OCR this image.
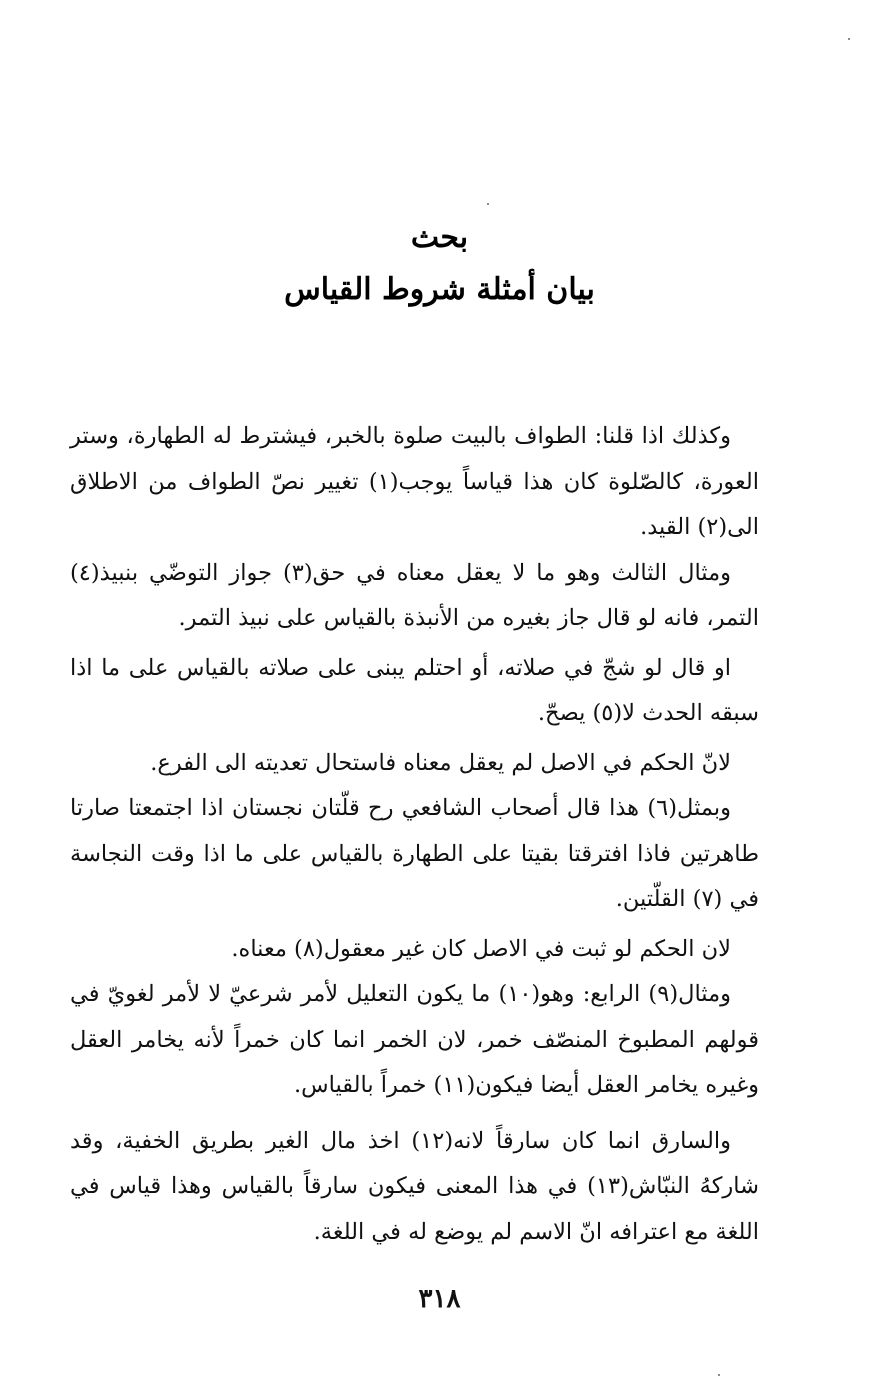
بحث
بيان أمثلة شروط القياس

وكذلك اذا قلنا: الطواف بالبيت صلوة بالخبر، فيشترط له الطهارة، وستر العورة، كالصّلوة كان هذا قياساً يوجب(١) تغيير نصّ الطواف من الاطلاق الى(٢) القيد.

ومثال الثالث وهو ما لا يعقل معناه في حق(٣) جواز التوضّي بنبيذ(٤) التمر، فانه لو قال جاز بغيره من الأنبذة بالقياس على نبيذ التمر.

او قال لو شجّ في صلاته، أو احتلم يبنى على صلاته بالقياس على ما اذا سبقه الحدث لا(٥) يصحّ.

لانّ الحكم في الاصل لم يعقل معناه فاستحال تعديته الى الفرع.

وبمثل(٦) هذا قال أصحاب الشافعي رح قلّتان نجستان اذا اجتمعتا صارتا طاهرتين فاذا افترقتا بقيتا على الطهارة بالقياس على ما اذا وقت النجاسة في (٧) القلّتين.

لان الحكم لو ثبت في الاصل كان غير معقول(٨) معناه.

ومثال(٩) الرابع: وهو(١٠) ما يكون التعليل لأمر شرعيّ لا لأمر لغويّ في قولهم المطبوخ المنصّف خمر، لان الخمر انما كان خمراً لأنه يخامر العقل وغيره يخامر العقل أيضا فيكون(١١) خمراً بالقياس.

والسارق انما كان سارقاً لانه(١٢) اخذ مال الغير بطريق الخفية، وقد شاركهُ النبّاش(١٣) في هذا المعنى فيكون سارقاً بالقياس وهذا قياس في اللغة مع اعترافه انّ الاسم لم يوضع له في اللغة.

٣١٨
